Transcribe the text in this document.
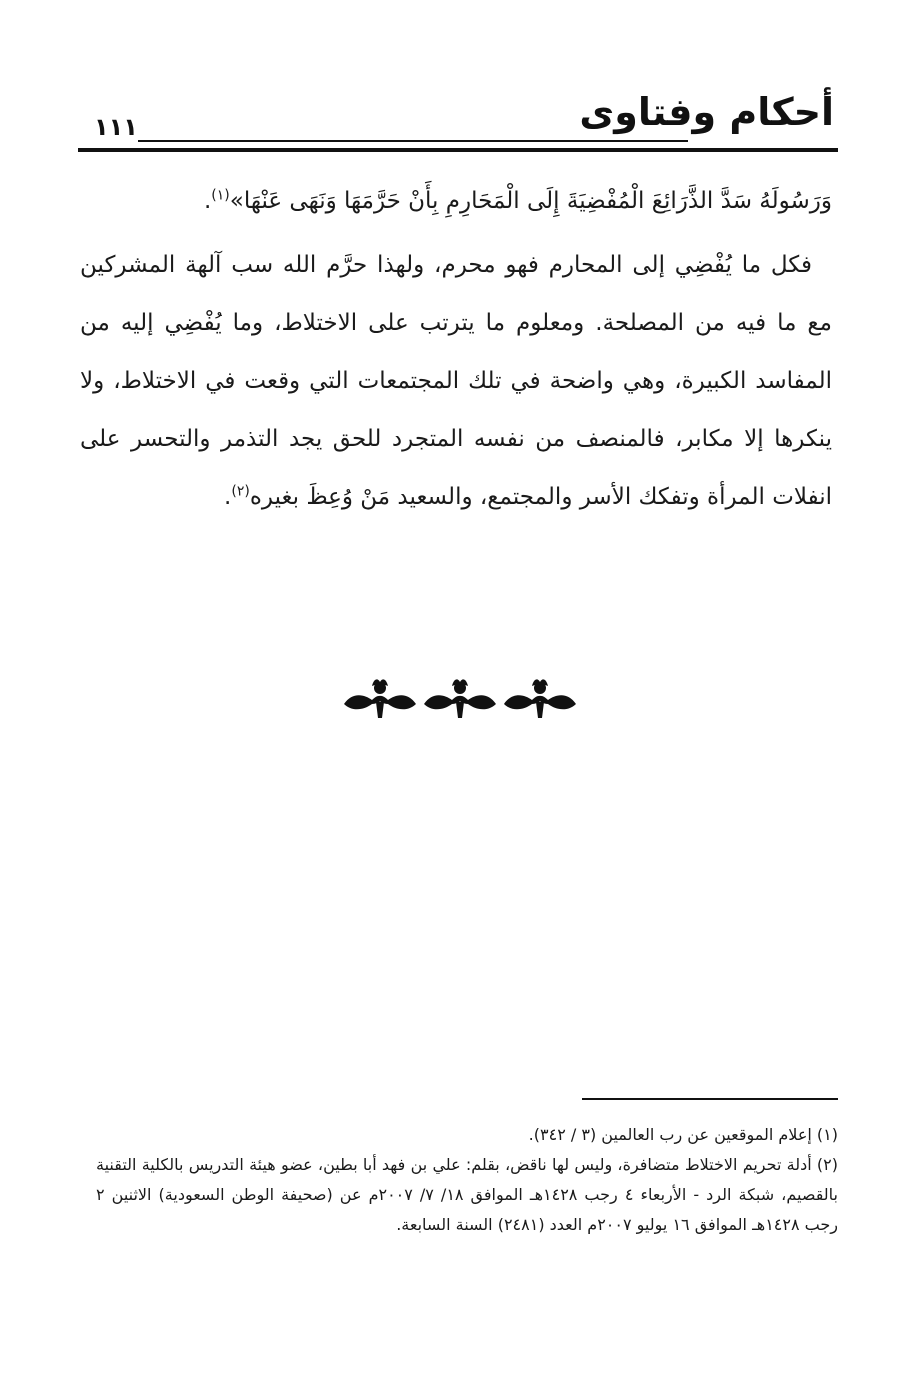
أحكام وفتاوى
١١١

وَرَسُولَهُ سَدَّ الذَّرَائِعَ الْمُفْضِيَةَ إِلَى الْمَحَارِمِ بِأَنْ حَرَّمَهَا وَنَهَى عَنْهَا»$^{(١)}$.

فكل ما يُفْضِي إلى المحارم فهو محرم، ولهذا حرَّم الله سب آلهة المشركين مع ما فيه من المصلحة. ومعلوم ما يترتب على الاختلاط، وما يُفْضِي إليه من المفاسد الكبيرة، وهي واضحة في تلك المجتمعات التي وقعت في الاختلاط، ولا ينكرها إلا مكابر، فالمنصف من نفسه المتجرد للحق يجد التذمر والتحسر على انفلات المرأة وتفكك الأسر والمجتمع، والسعيد مَنْ وُعِظَ بغيره$^{(٢)}$.

(١) إعلام الموقعين عن رب العالمين (٣ / ٣٤٢).

(٢) أدلة تحريم الاختلاط متضافرة، وليس لها ناقض، بقلم: علي بن فهد أبا بطين، عضو هيئة التدريس بالكلية التقنية بالقصيم، شبكة الرد - الأربعاء ٤ رجب ١٤٢٨هـ الموافق ١٨/ ٧/ ٢٠٠٧م عن (صحيفة الوطن السعودية) الاثنين ٢ رجب ١٤٢٨هـ الموافق ١٦ يوليو ٢٠٠٧م العدد (٢٤٨١) السنة السابعة.
